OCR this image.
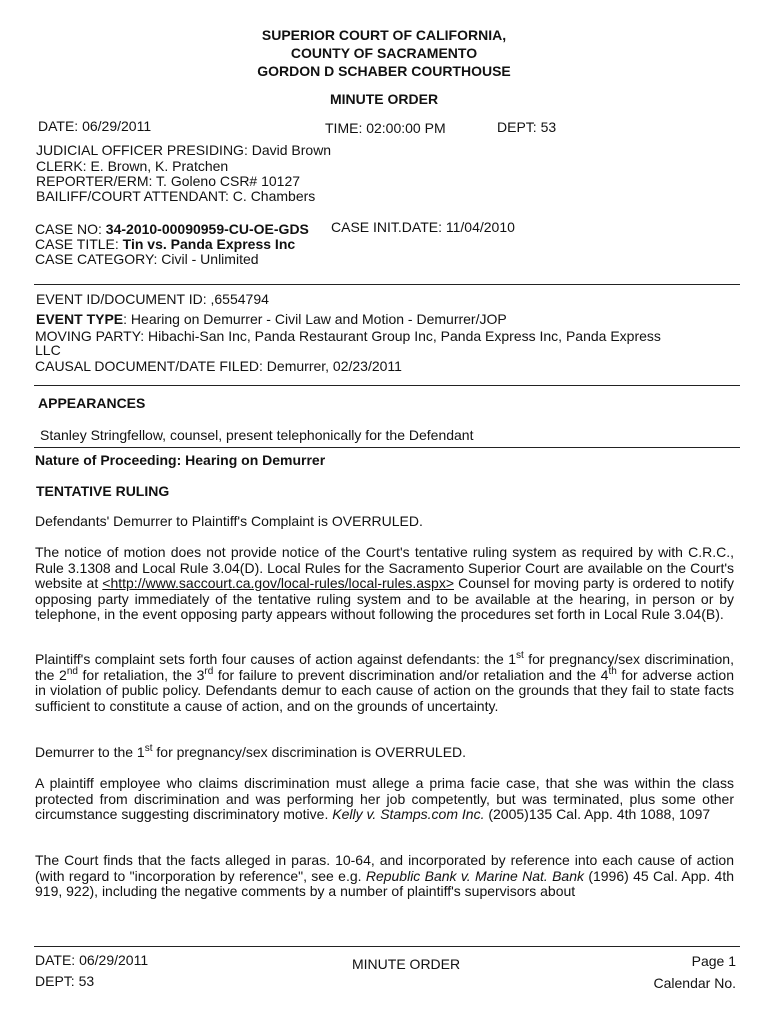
SUPERIOR COURT OF CALIFORNIA,
COUNTY OF SACRAMENTO
GORDON D SCHABER COURTHOUSE
MINUTE ORDER
DATE: 06/29/2011	TIME: 02:00:00 PM	DEPT: 53
JUDICIAL OFFICER PRESIDING: David Brown
CLERK: E. Brown, K. Pratchen
REPORTER/ERM: T. Goleno CSR# 10127
BAILIFF/COURT ATTENDANT: C. Chambers
CASE NO: 34-2010-00090959-CU-OE-GDS CASE INIT.DATE: 11/04/2010
CASE TITLE: Tin vs. Panda Express Inc
CASE CATEGORY: Civil - Unlimited
EVENT ID/DOCUMENT ID: ,6554794
EVENT TYPE: Hearing on Demurrer - Civil Law and Motion - Demurrer/JOP
MOVING PARTY: Hibachi-San Inc, Panda Restaurant Group Inc, Panda Express Inc, Panda Express
LLC
CAUSAL DOCUMENT/DATE FILED: Demurrer, 02/23/2011
APPEARANCES
Stanley Stringfellow, counsel, present telephonically for the Defendant
Nature of Proceeding: Hearing on Demurrer
TENTATIVE RULING
Defendants' Demurrer to Plaintiff's Complaint is OVERRULED.
The notice of motion does not provide notice of the Court's tentative ruling system as required by with C.R.C., Rule 3.1308 and Local Rule 3.04(D). Local Rules for the Sacramento Superior Court are available on the Court's website at <http://www.saccourt.ca.gov/local-rules/local-rules.aspx> Counsel for moving party is ordered to notify opposing party immediately of the tentative ruling system and to be available at the hearing, in person or by telephone, in the event opposing party appears without following the procedures set forth in Local Rule 3.04(B).
Plaintiff's complaint sets forth four causes of action against defendants: the 1st for pregnancy/sex discrimination, the 2nd for retaliation, the 3rd for failure to prevent discrimination and/or retaliation and the 4th for adverse action in violation of public policy. Defendants demur to each cause of action on the grounds that they fail to state facts sufficient to constitute a cause of action, and on the grounds of uncertainty.
Demurrer to the 1st for pregnancy/sex discrimination is OVERRULED.
A plaintiff employee who claims discrimination must allege a prima facie case, that she was within the class protected from discrimination and was performing her job competently, but was terminated, plus some other circumstance suggesting discriminatory motive. Kelly v. Stamps.com Inc. (2005)135 Cal. App. 4th 1088, 1097
The Court finds that the facts alleged in paras. 10-64, and incorporated by reference into each cause of action (with regard to "incorporation by reference", see e.g. Republic Bank v. Marine Nat. Bank (1996) 45 Cal. App. 4th 919, 922), including the negative comments by a number of plaintiff's supervisors about
DATE: 06/29/2011
DEPT: 53
MINUTE ORDER	Page 1
Calendar No.
